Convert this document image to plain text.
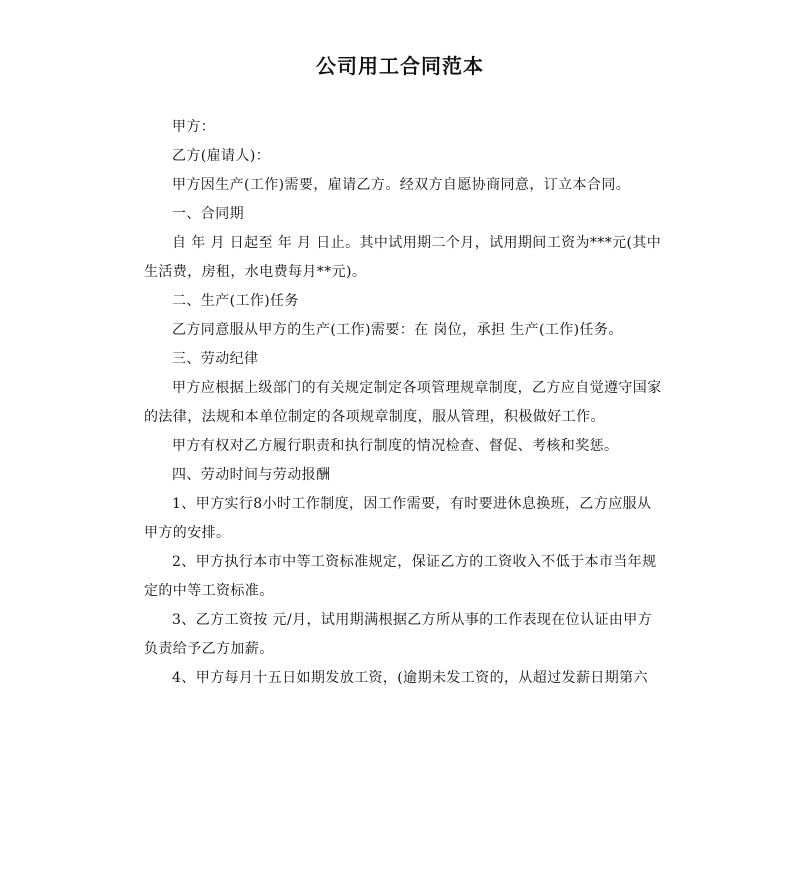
公司用工合同范本

甲方：

乙方(雇请人)：

甲方因生产(工作)需要，雇请乙方。经双方自愿协商同意，订立本合同。

一、合同期

自 年 月 日起至 年 月 日止。其中试用期二个月，试用期间工资为***元(其中生活费，房租，水电费每月**元)。

二、生产(工作)任务

乙方同意服从甲方的生产(工作)需要：在 岗位，承担 生产(工作)任务。

三、劳动纪律

甲方应根据上级部门的有关规定制定各项管理规章制度，乙方应自觉遵守国家的法律，法规和本单位制定的各项规章制度，服从管理，积极做好工作。

甲方有权对乙方履行职责和执行制度的情况检查、督促、考核和奖惩。

四、劳动时间与劳动报酬

1、甲方实行8小时工作制度，因工作需要，有时要进休息换班，乙方应服从甲方的安排。

2、甲方执行本市中等工资标准规定，保证乙方的工资收入不低于本市当年规定的中等工资标准。

3、乙方工资按 元/月，试用期满根据乙方所从事的工作表现在位认证由甲方负责给予乙方加薪。

4、甲方每月十五日如期发放工资，(逾期未发工资的，从超过发薪日期第六
